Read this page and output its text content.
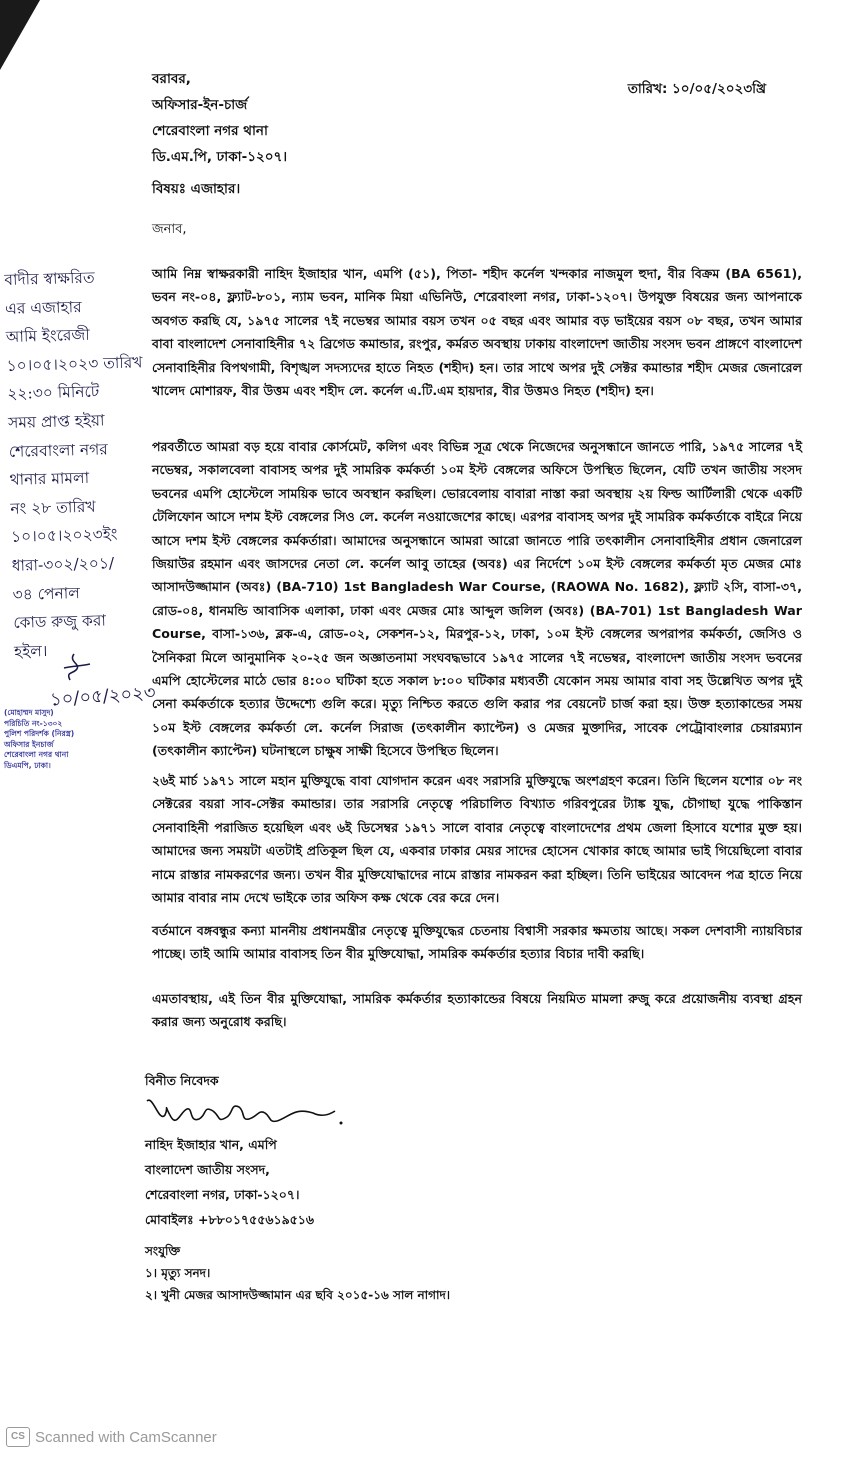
বরাবর,
অফিসার-ইন-চার্জ
শেরেবাংলা নগর থানা
ডি.এম.পি, ঢাকা-১২০৭।
তারিখ: ১০/০৫/২০২৩খ্রি
বিষয়ঃ এজাহার।
জনাব,

আমি নিম্ন স্বাক্ষরকারী নাহিদ ইজাহার খান, এমপি (৫১), পিতা- শহীদ কর্নেল খন্দকার নাজমুল হুদা, বীর বিক্রম (BA 6561), ভবন নং-০৪, ফ্ল্যাট-৮০১, ন্যাম ভবন, মানিক মিয়া এভিনিউ, শেরেবাংলা নগর, ঢাকা-১২০৭। উপযুক্ত বিষয়ের জন্য আপনাকে অবগত করছি যে, ১৯৭৫ সালের ৭ই নভেম্বর আমার বয়স তখন ০৫ বছর এবং আমার বড় ভাইয়ের বয়স ০৮ বছর, তখন আমার বাবা বাংলাদেশ সেনাবাহিনীর ৭২ ব্রিগেড কমান্ডার, রংপুর, কর্মরত অবস্থায় ঢাকায় বাংলাদেশ জাতীয় সংসদ ভবন প্রাঙ্গণে বাংলাদেশ সেনাবাহিনীর বিপথগামী, বিশৃঙ্খল সদস্যদের হাতে নিহত (শহীদ) হন। তার সাথে অপর দুই সেক্টর কমান্ডার শহীদ মেজর জেনারেল খালেদ মোশারফ, বীর উত্তম এবং শহীদ লে. কর্নেল এ.টি.এম হায়দার, বীর উত্তমও নিহত (শহীদ) হন।

পরবর্তীতে আমরা বড় হয়ে বাবার কোর্সমেট, কলিগ এবং বিভিন্ন সূত্র থেকে নিজেদের অনুসন্ধানে জানতে পারি, ১৯৭৫ সালের ৭ই নভেম্বর, সকালবেলা বাবাসহ অপর দুই সামরিক কর্মকর্তা ১০ম ইস্ট বেঙ্গলের অফিসে উপস্থিত ছিলেন, যেটি তখন জাতীয় সংসদ ভবনের এমপি হোস্টেলে সাময়িক ভাবে অবস্থান করছিল। ভোরবেলায় বাবারা নাস্তা করা অবস্থায় ২য় ফিল্ড আর্টিলারী থেকে একটি টেলিফোন আসে দশম ইস্ট বেঙ্গলের সিও লে. কর্নেল নওয়াজেশের কাছে। এরপর বাবাসহ অপর দুই সামরিক কর্মকর্তাকে বাইরে নিয়ে আসে দশম ইস্ট বেঙ্গলের কর্মকর্তারা। আমাদের অনুসন্ধানে আমরা আরো জানতে পারি তৎকালীন সেনাবাহিনীর প্রধান জেনারেল জিয়াউর রহমান এবং জাসদের নেতা লে. কর্নেল আবু তাহের (অবঃ) এর নির্দেশে ১০ম ইস্ট বেঙ্গলের কর্মকর্তা মৃত মেজর মোঃ আসাদউজ্জামান (অবঃ) (BA-710) 1st Bangladesh War Course, (RAOWA No. 1682), ফ্ল্যাট ২সি, বাসা-৩৭, রোড-০৪, ধানমন্ডি আবাসিক এলাকা, ঢাকা এবং মেজর মোঃ আব্দুল জলিল (অবঃ) (BA-701) 1st Bangladesh War Course, বাসা-১৩৬, ব্লক-এ, রোড-০২, সেকশন-১২, মিরপুর-১২, ঢাকা, ১০ম ইস্ট বেঙ্গলের অপরাপর কর্মকর্তা, জেসিও ও সৈনিকরা মিলে আনুমানিক ২০-২৫ জন অজ্ঞাতনামা সংঘবদ্ধভাবে ১৯৭৫ সালের ৭ই নভেম্বর, বাংলাদেশ জাতীয় সংসদ ভবনের এমপি হোস্টেলের মাঠে ভোর ৪:০০ ঘটিকা হতে সকাল ৮:০০ ঘটিকার মধ্যবর্তী যেকোন সময় আমার বাবা সহ উল্লেখিত অপর দুই সেনা কর্মকর্তাকে হত্যার উদ্দেশ্যে গুলি করে। মৃত্যু নিশ্চিত করতে গুলি করার পর বেয়নেট চার্জ করা হয়। উক্ত হত্যাকান্ডের সময় ১০ম ইস্ট বেঙ্গলের কর্মকর্তা লে. কর্নেল সিরাজ (তৎকালীন ক্যাপ্টেন) ও মেজর মুক্তাদির, সাবেক পেট্রোবাংলার চেয়ারম্যান (তৎকালীন ক্যাপ্টেন) ঘটনাস্থলে চাক্ষুষ সাক্ষী হিসেবে উপস্থিত ছিলেন।

২৬ই মার্চ ১৯৭১ সালে মহান মুক্তিযুদ্ধে বাবা যোগদান করেন এবং সরাসরি মুক্তিযুদ্ধে অংশগ্রহণ করেন। তিনি ছিলেন যশোর ০৮ নং সেক্টরের বয়রা সাব-সেক্টর কমান্ডার। তার সরাসরি নেতৃত্বে পরিচালিত বিখ্যাত গরিবপুরের ট্যাঙ্ক যুদ্ধ, চৌগাছা যুদ্ধে পাকিস্তান সেনাবাহিনী পরাজিত হয়েছিল এবং ৬ই ডিসেম্বর ১৯৭১ সালে বাবার নেতৃত্বে বাংলাদেশের প্রথম জেলা হিসাবে যশোর মুক্ত হয়। আমাদের জন্য সময়টা এতটাই প্রতিকূল ছিল যে, একবার ঢাকার মেয়র সাদের হোসেন খোকার কাছে আমার ভাই গিয়েছিলো বাবার নামে রাস্তার নামকরণের জন্য। তখন বীর মুক্তিযোদ্ধাদের নামে রাস্তার নামকরন করা হচ্ছিল। তিনি ভাইয়ের আবেদন পত্র হাতে নিয়ে আমার বাবার নাম দেখে ভাইকে তার অফিস কক্ষ থেকে বের করে দেন।

বর্তমানে বঙ্গবন্ধুর কন্যা মাননীয় প্রধানমন্ত্রীর নেতৃত্বে মুক্তিযুদ্ধের চেতনায় বিশ্বাসী সরকার ক্ষমতায় আছে। সকল দেশবাসী ন্যায়বিচার পাচ্ছে। তাই আমি আমার বাবাসহ তিন বীর মুক্তিযোদ্ধা, সামরিক কর্মকর্তার হত্যার বিচার দাবী করছি।

এমতাবস্থায়, এই তিন বীর মুক্তিযোদ্ধা, সামরিক কর্মকর্তার হত্যাকান্ডের বিষয়ে নিয়মিত মামলা রুজু করে প্রয়োজনীয় ব্যবস্থা গ্রহন করার জন্য অনুরোধ করছি।

বিনীত নিবেদক
নাহিদ ইজাহার খান, এমপি
বাংলাদেশ জাতীয় সংসদ,
শেরেবাংলা নগর, ঢাকা-১২০৭।
মোবাইলঃ +৮৮০১৭৫৫৬১৯৫১৬
সংযুক্তি
১। মৃত্যু সনদ।
২। খুনী মেজর আসাদউজ্জামান এর ছবি ২০১৫-১৬ সাল নাগাদ।
বাদীর স্বাক্ষরিত
এর এজাহার
আমি ইংরেজী
১০।০৫।২০২৩ তারিখ
২২:৩০ মিনিটে
সময় প্রাপ্ত হইয়া
শেরেবাংলা নগর
থানার মামলা
নং ২৮ তারিখ
১০।০৫।২০২৩ইং
ধারা-৩০২/২০১/
৩৪ পেনাল
কোড রুজু করা
হইল।
১০/০৫/২০২৩
(মোহাম্মদ মাসুদ)
পরিচিতি নং-১৩০২
পুলিশ পরিদর্শক (নিরস্ত্র)
অফিসার ইনচার্জ
শেরেবাংলা নগর থানা
ডিএমপি, ঢাকা।
CS Scanned with CamScanner
